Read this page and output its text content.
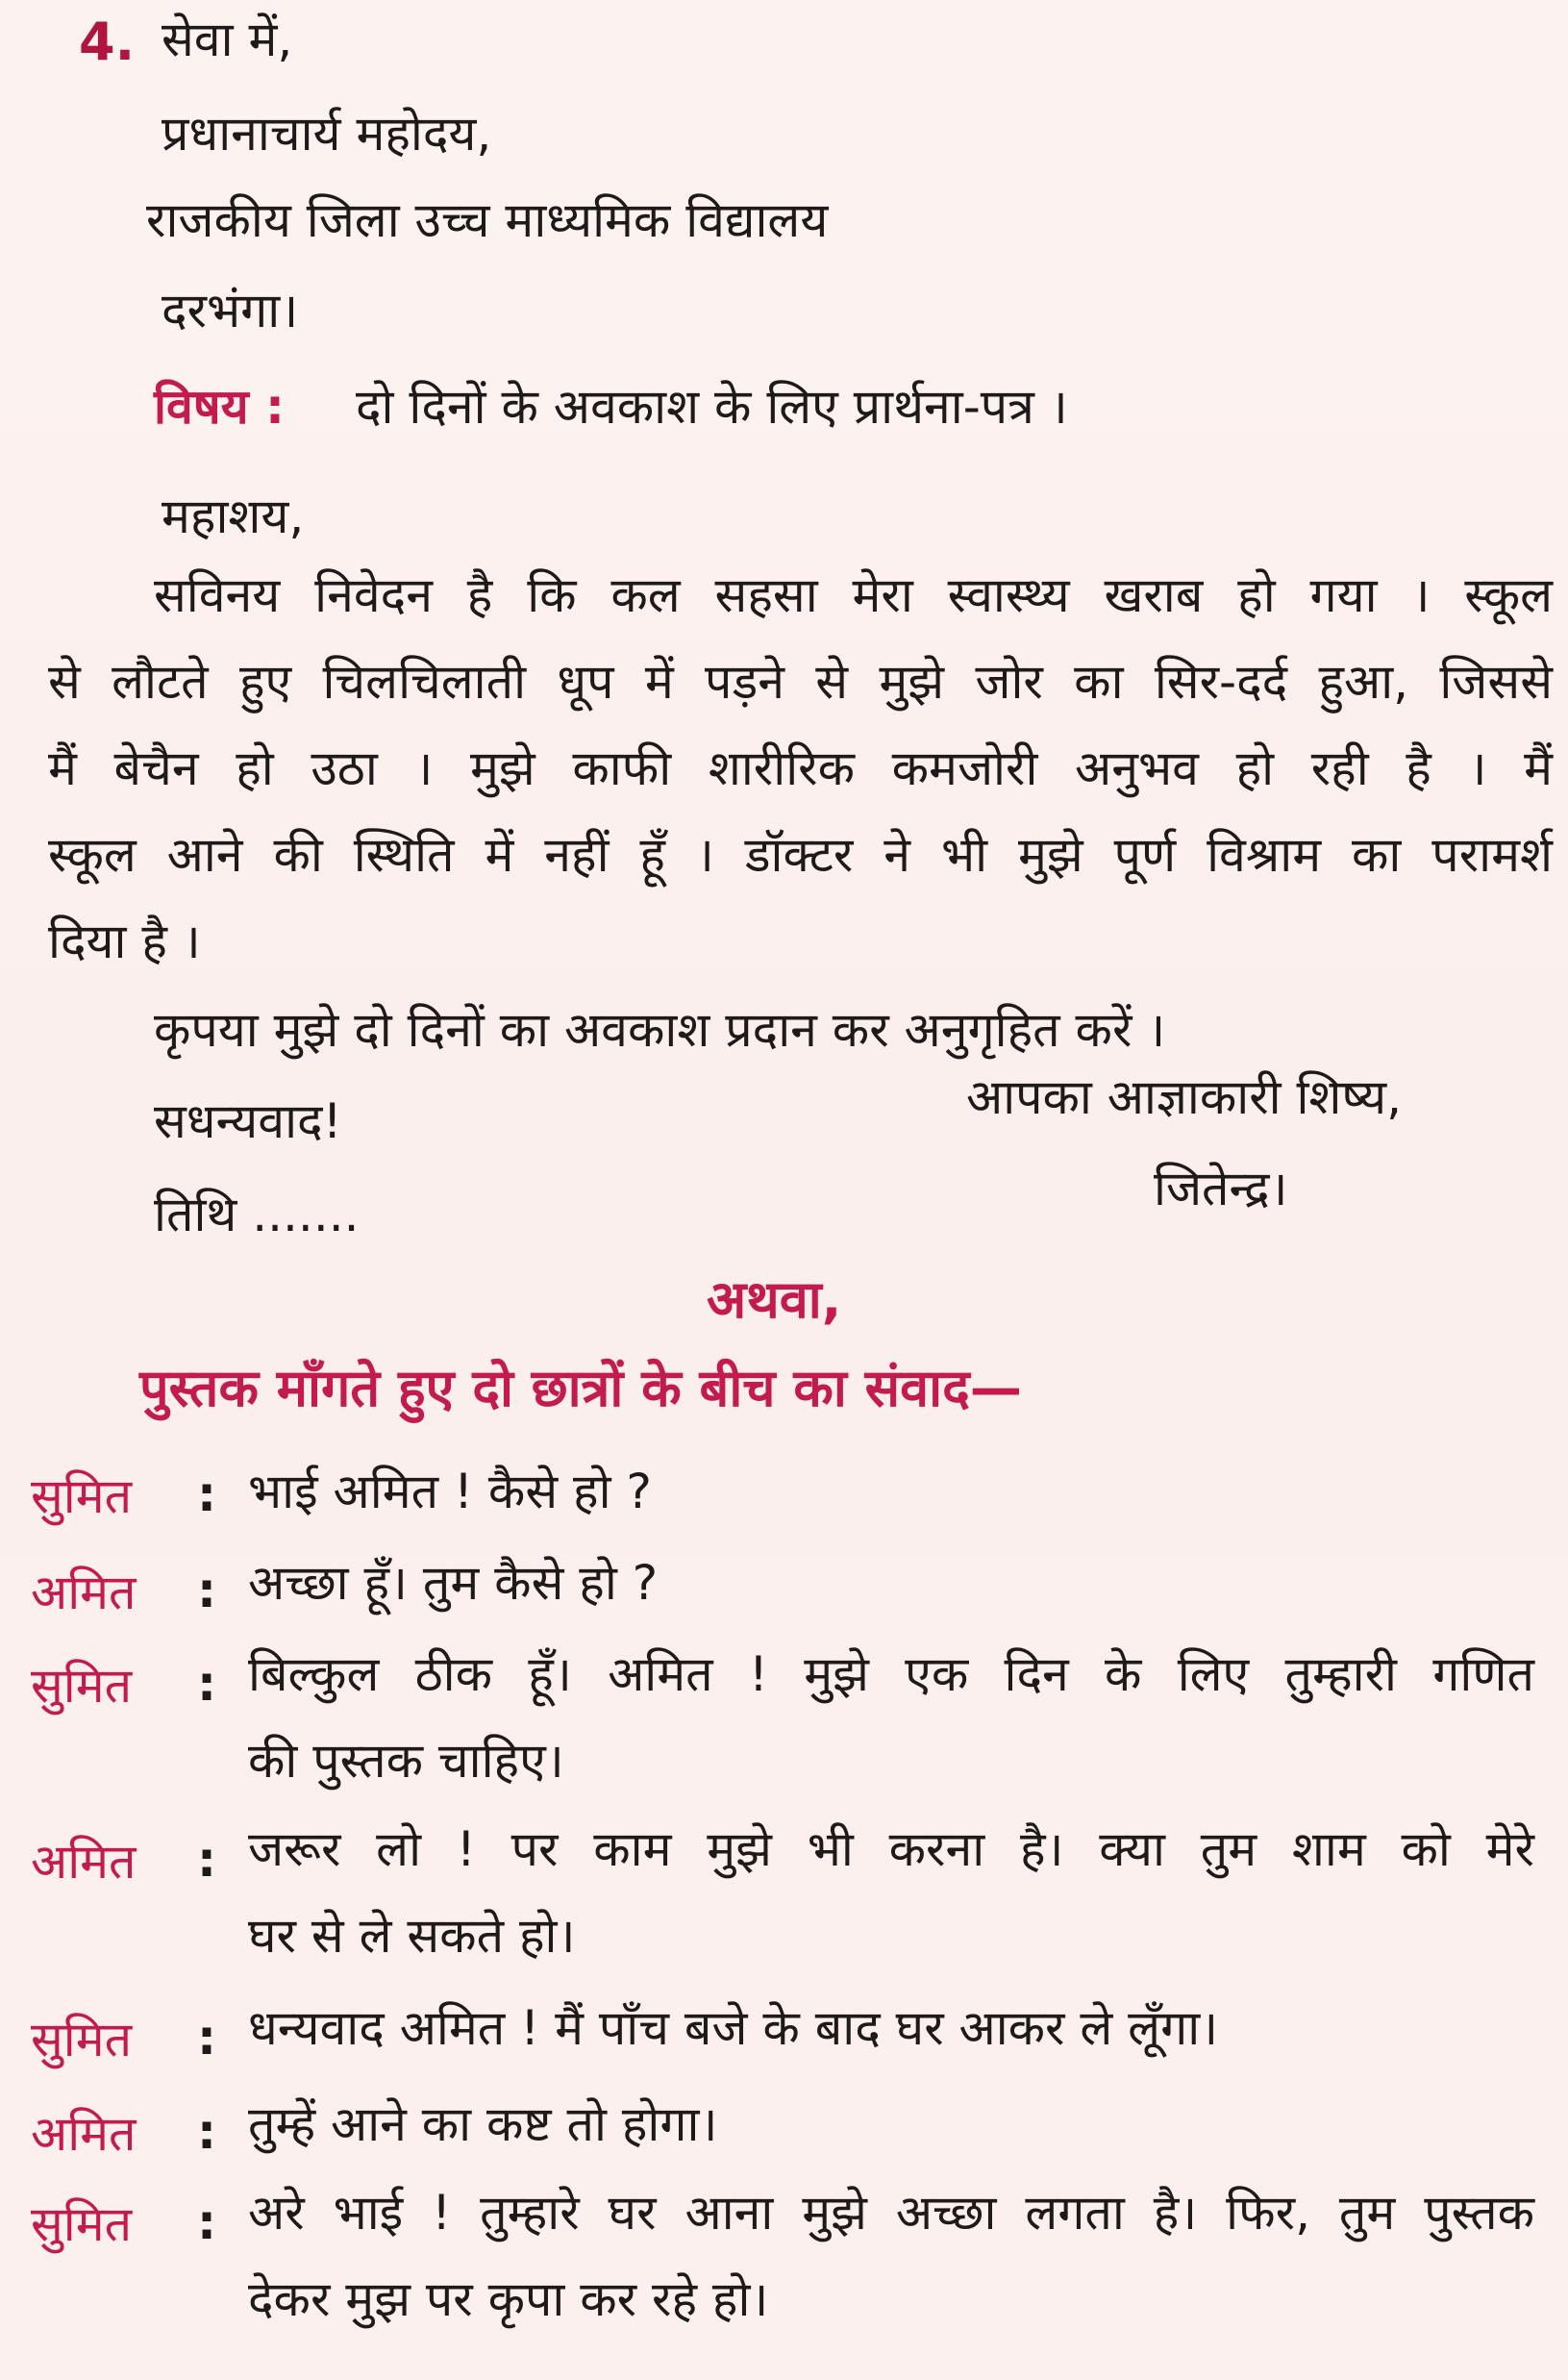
4. सेवा में,
प्रधानाचार्य महोदय,
राजकीय जिला उच्च माध्यमिक विद्यालय
दरभंगा।
विषय : दो दिनों के अवकाश के लिए प्रार्थना-पत्र ।
महाशय,
सविनय निवेदन है कि कल सहसा मेरा स्वास्थ्य खराब हो गया । स्कूल
से लौटते हुए चिलचिलाती धूप में पड़ने से मुझे जोर का सिर-दर्द हुआ, जिससे
मैं बेचैन हो उठा । मुझे काफी शारीरिक कमजोरी अनुभव हो रही है । मैं
स्कूल आने की स्थिति में नहीं हूँ । डॉक्टर ने भी मुझे पूर्ण विश्राम का परामर्श
दिया है ।
कृपया मुझे दो दिनों का अवकाश प्रदान कर अनुगृहित करें ।
सधन्यवाद!	आपका आज्ञाकारी शिष्य,
तिथि .......	जितेन्द्र।
अथवा,
पुस्तक माँगते हुए दो छात्रों के बीच का संवाद—
सुमित : भाई अमित ! कैसे हो ?
अमित : अच्छा हूँ। तुम कैसे हो ?
सुमित : बिल्कुल ठीक हूँ। अमित ! मुझे एक दिन के लिए तुम्हारी गणित
की पुस्तक चाहिए।
अमित : जरूर लो ! पर काम मुझे भी करना है। क्या तुम शाम को मेरे
घर से ले सकते हो।
सुमित : धन्यवाद अमित ! मैं पाँच बजे के बाद घर आकर ले लूँगा।
अमित : तुम्हें आने का कष्ट तो होगा।
सुमित : अरे भाई ! तुम्हारे घर आना मुझे अच्छा लगता है। फिर, तुम पुस्तक
देकर मुझ पर कृपा कर रहे हो।
